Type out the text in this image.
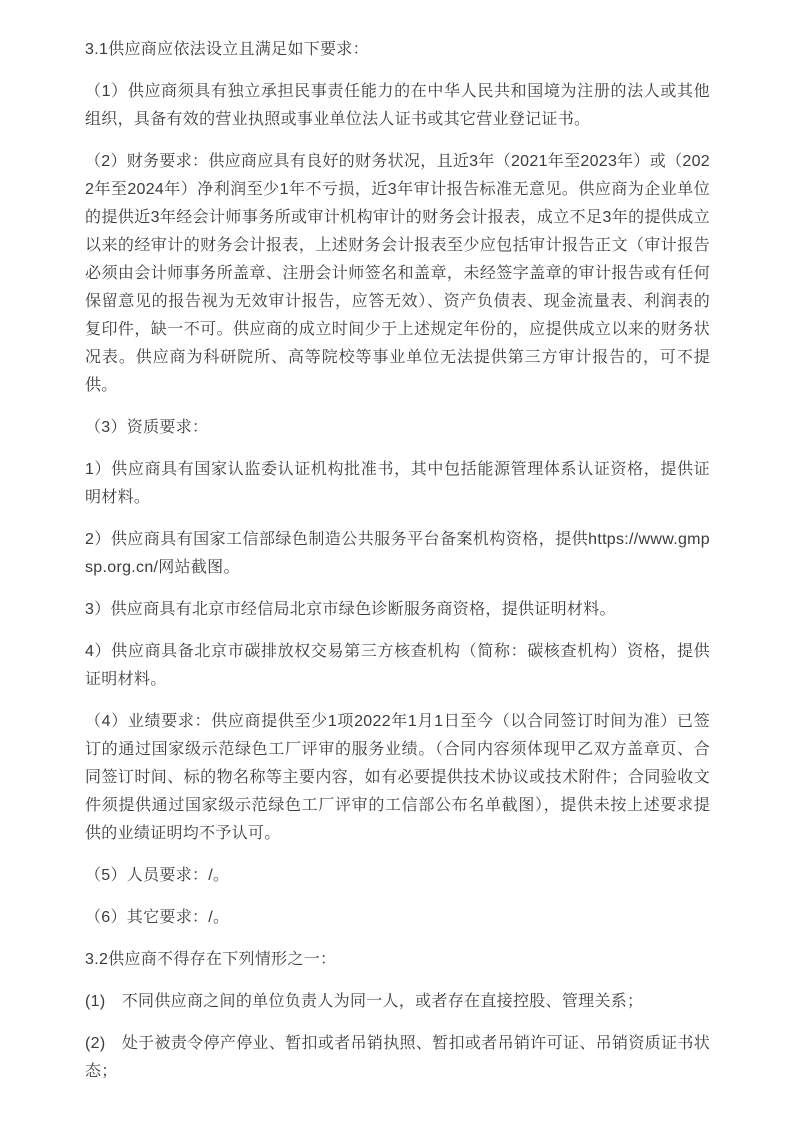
3.1供应商应依法设立且满足如下要求：

（1）供应商须具有独立承担民事责任能力的在中华人民共和国境为注册的法人或其他组织，具备有效的营业执照或事业单位法人证书或其它营业登记证书。

（2）财务要求：供应商应具有良好的财务状况，且近3年（2021年至2023年）或（2022年至2024年）净利润至少1年不亏损，近3年审计报告标准无意见。供应商为企业单位的提供近3年经会计师事务所或审计机构审计的财务会计报表，成立不足3年的提供成立以来的经审计的财务会计报表，上述财务会计报表至少应包括审计报告正文（审计报告必须由会计师事务所盖章、注册会计师签名和盖章，未经签字盖章的审计报告或有任何保留意见的报告视为无效审计报告，应答无效）、资产负债表、现金流量表、利润表的复印件，缺一不可。供应商的成立时间少于上述规定年份的，应提供成立以来的财务状况表。供应商为科研院所、高等院校等事业单位无法提供第三方审计报告的，可不提供。

（3）资质要求：

1）供应商具有国家认监委认证机构批准书，其中包括能源管理体系认证资格，提供证明材料。

2）供应商具有国家工信部绿色制造公共服务平台备案机构资格，提供https://www.gmpsp.org.cn/网站截图。

3）供应商具有北京市经信局北京市绿色诊断服务商资格，提供证明材料。

4）供应商具备北京市碳排放权交易第三方核查机构（简称：碳核查机构）资格，提供证明材料。

（4）业绩要求：供应商提供至少1项2022年1月1日至今（以合同签订时间为准）已签订的通过国家级示范绿色工厂评审的服务业绩。（合同内容须体现甲乙双方盖章页、合同签订时间、标的物名称等主要内容，如有必要提供技术协议或技术附件；合同验收文件须提供通过国家级示范绿色工厂评审的工信部公布名单截图），提供未按上述要求提供的业绩证明均不予认可。

（5）人员要求：/。

（6）其它要求：/。

3.2供应商不得存在下列情形之一：

(1)　不同供应商之间的单位负责人为同一人，或者存在直接控股、管理关系；

(2)　处于被责令停产停业、暂扣或者吊销执照、暂扣或者吊销许可证、吊销资质证书状态；
